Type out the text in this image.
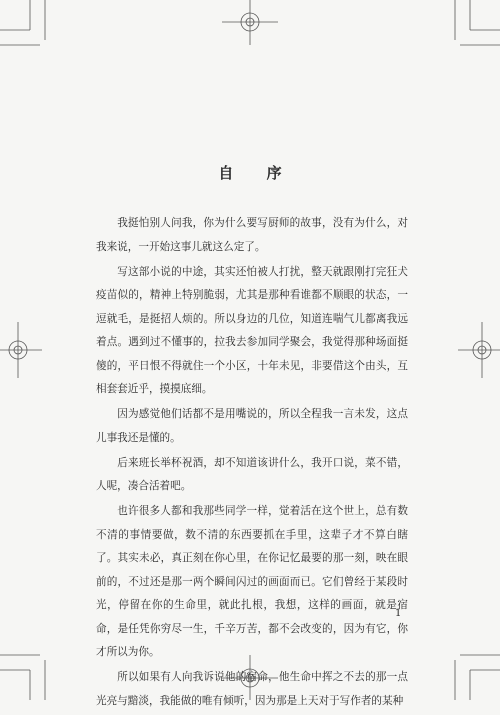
自 序

我挺怕别人问我，你为什么要写厨师的故事，没有为什么，对我来说，一开始这事儿就这么定了。

写这部小说的中途，其实还怕被人打扰，整天就跟刚打完狂犬疫苗似的，精神上特别脆弱，尤其是那种看谁都不顺眼的状态，一逗就毛，是挺招人烦的。所以身边的几位，知道连喘气儿都离我远着点。遇到过不懂事的，拉我去参加同学聚会，我觉得那种场面挺傻的，平日恨不得就住一个小区，十年未见，非要借这个由头，互相套套近乎，摸摸底细。

因为感觉他们话都不是用嘴说的，所以全程我一言未发，这点儿事我还是懂的。

后来班长举杯祝酒，却不知道该讲什么，我开口说，菜不错，人呢，凑合活着吧。

也许很多人都和我那些同学一样，觉着活在这个世上，总有数不清的事情要做，数不清的东西要抓在手里，这辈子才不算白瞎了。其实未必，真正刻在你心里，在你记忆最要的那一刻，映在眼前的，不过还是那一两个瞬间闪过的画面而已。它们曾经于某段时光，停留在你的生命里，就此扎根，我想，这样的画面，就是宿命，是任凭你穷尽一生，千辛万苦，都不会改变的，因为有它，你才所以为你。

所以如果有人向我诉说他的宿命，他生命中挥之不去的那一点光亮与黯淡，我能做的唯有倾听，因为那是上天对于写作者的某种

1
